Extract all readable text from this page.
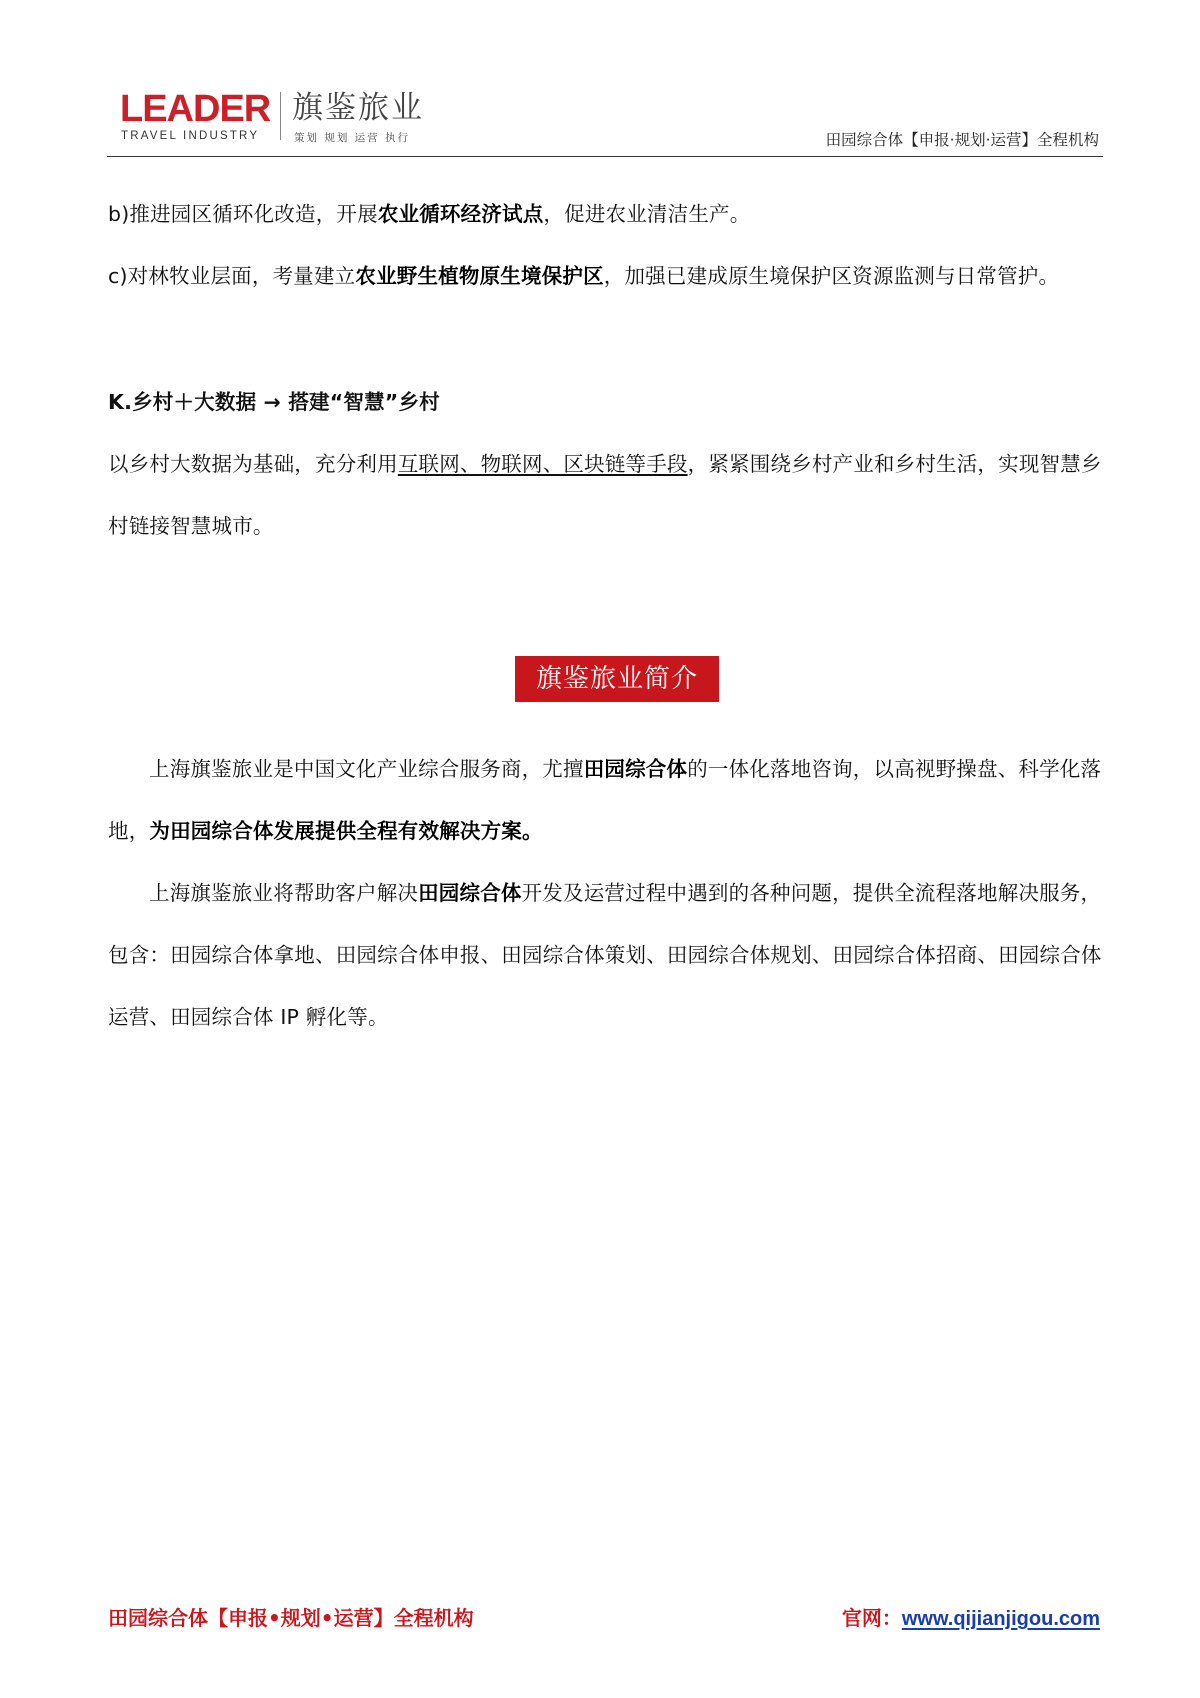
LEADER
TRAVEL INDUSTRY
旗鉴旅业
策划 规划 运营 执行	田园综合体【申报·规划·运营】全程机构

b)推进园区循环化改造，开展农业循环经济试点，促进农业清洁生产。

c)对林牧业层面，考量建立农业野生植物原生境保护区，加强已建成原生境保护区资源监测与日常管护。

K.乡村＋大数据 → 搭建“智慧”乡村

以乡村大数据为基础，充分利用互联网、物联网、区块链等手段，紧紧围绕乡村产业和乡村生活，实现智慧乡村链接智慧城市。

旗鉴旅业简介

上海旗鉴旅业是中国文化产业综合服务商，尤擅田园综合体的一体化落地咨询，以高视野操盘、科学化落地，为田园综合体发展提供全程有效解决方案。

上海旗鉴旅业将帮助客户解决田园综合体开发及运营过程中遇到的各种问题，提供全流程落地解决服务，包含：田园综合体拿地、田园综合体申报、田园综合体策划、田园综合体规划、田园综合体招商、田园综合体运营、田园综合体 IP 孵化等。

田园综合体【申报•规划•运营】全程机构	官网：www.qijianjigou.com
